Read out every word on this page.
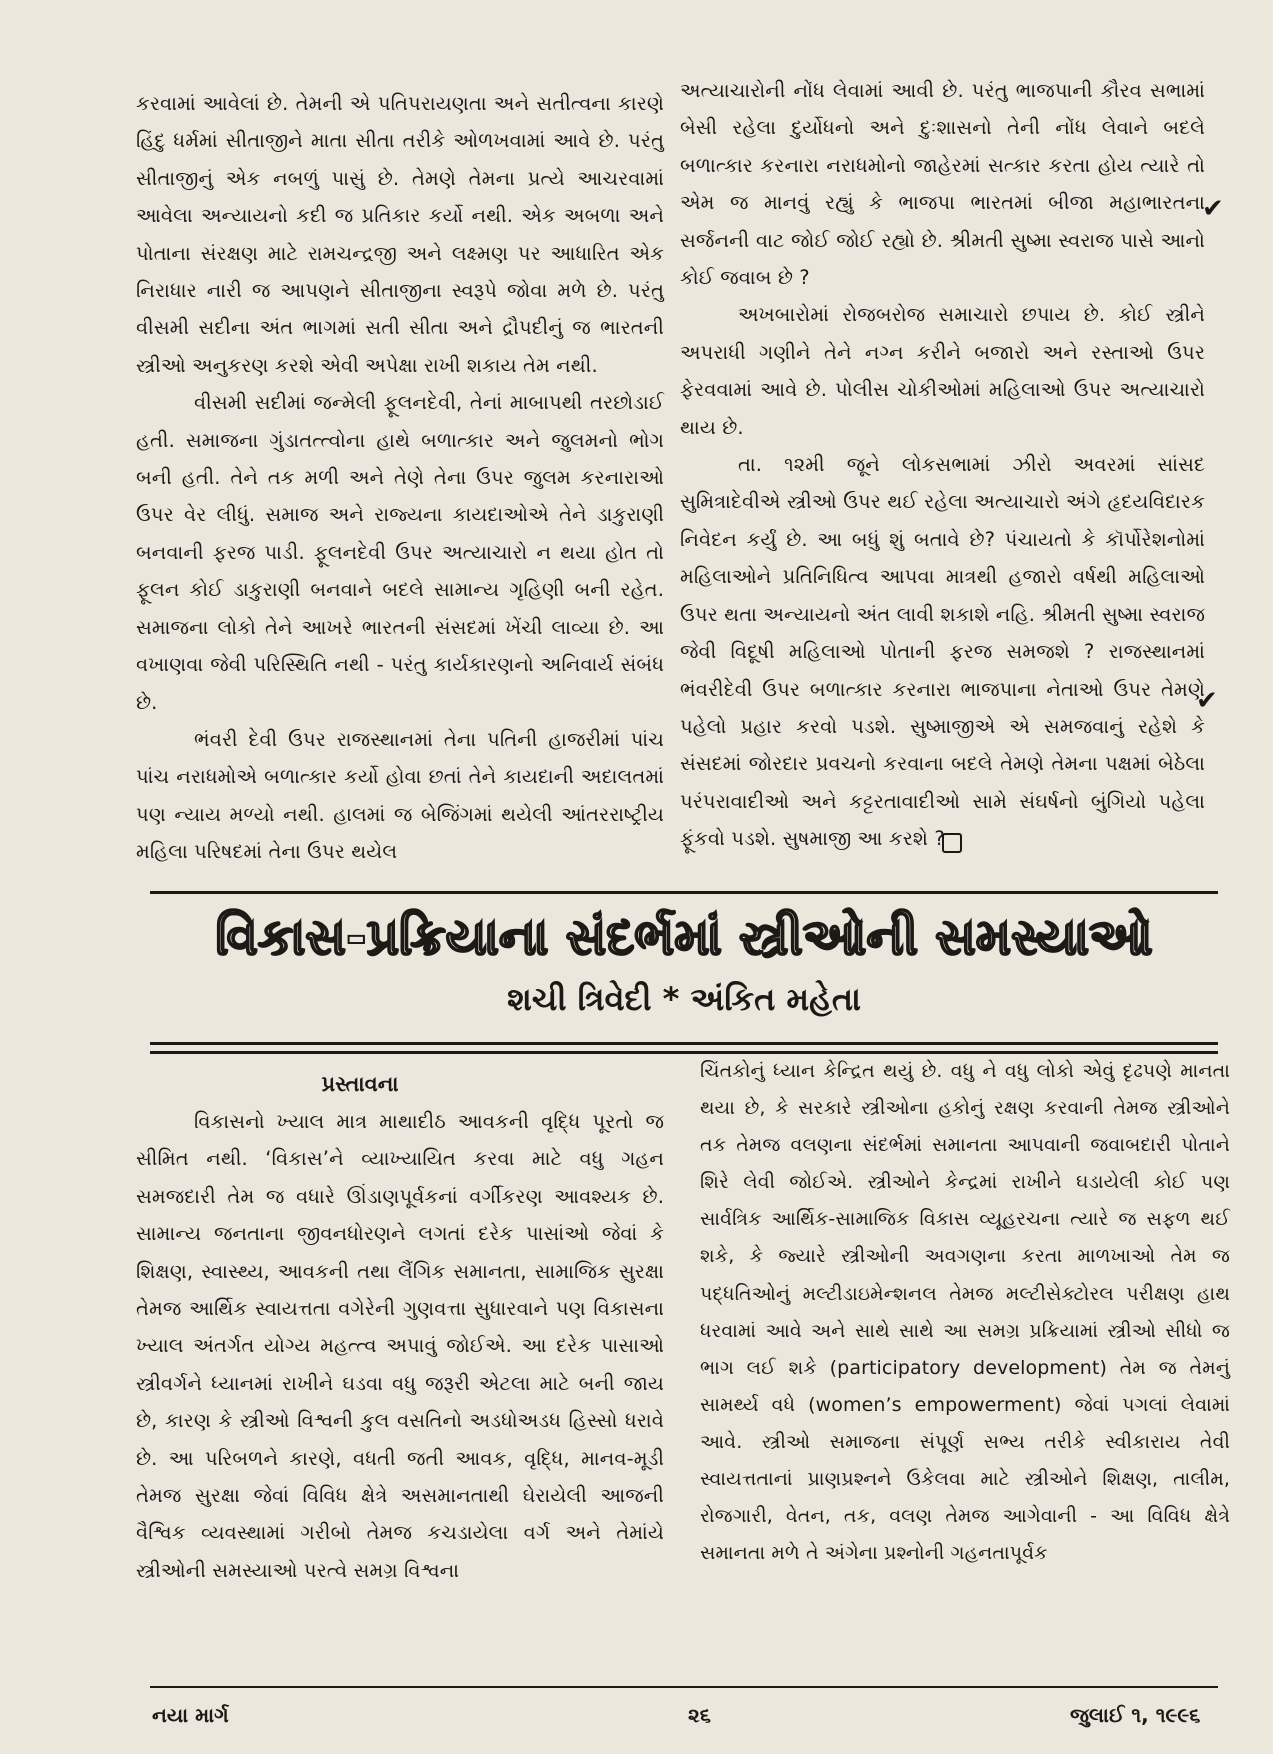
કરવામાં આવેલાં છે. તેમની એ પતિપરાયણતા અને સતીત્વના કારણે હિંદુ ધર્મમાં સીતાજીને માતા સીતા તરીકે ઓળખવામાં આવે છે. પરંતુ સીતાજીનું એક નબળું પાસું છે. તેમણે તેમના પ્રત્યે આચરવામાં આવેલા અન્યાયનો કદી જ પ્રતિકાર કર્યો નથી. એક અબળા અને પોતાના સંરક્ષણ માટે રામચન્દ્રજી અને લક્ષ્મણ પર આધારિત એક નિરાધાર નારી જ આપણને સીતાજીના સ્વરૂપે જોવા મળે છે. પરંતુ વીસમી સદીના અંત ભાગમાં સતી સીતા અને દ્રૌપદીનું જ ભારતની સ્ત્રીઓ અનુકરણ કરશે એવી અપેક્ષા રાખી શકાય તેમ નથી.

વીસમી સદીમાં જન્મેલી ફૂલનદેવી, તેનાં માબાપથી તરછોડાઈ હતી. સમાજના ગુંડાતત્ત્વોના હાથે બળાત્કાર અને જુલમનો ભોગ બની હતી. તેને તક મળી અને તેણે તેના ઉપર જુલમ કરનારાઓ ઉપર વેર લીધું. સમાજ અને રાજ્યના કાયદાઓએ તેને ડાકુરાણી બનવાની ફરજ પાડી. ફૂલનદેવી ઉપર અત્યાચારો ન થયા હોત તો ફૂલન કોઈ ડાકુરાણી બનવાને બદલે સામાન્ય ગૃહિણી બની રહેત. સમાજના લોકો તેને આખરે ભારતની સંસદમાં ખેંચી લાવ્યા છે. આ વખાણવા જેવી પરિસ્થિતિ નથી - પરંતુ કાર્યકારણનો અનિવાર્ય સંબંધ છે.

ભંવરી દેવી ઉપર રાજસ્થાનમાં તેના પતિની હાજરીમાં પાંચ પાંચ નરાધમોએ બળાત્કાર કર્યો હોવા છતાં તેને કાયદાની અદાલતમાં પણ ન્યાય મળ્યો નથી. હાલમાં જ બેજિંગમાં થયેલી આંતરરાષ્ટ્રીય મહિલા પરિષદમાં તેના ઉપર થયેલ

અત્યાચારોની નોંધ લેવામાં આવી છે. પરંતુ ભાજપાની કૌરવ સભામાં બેસી રહેલા દુર્યોધનો અને દુઃશાસનો તેની નોંધ લેવાને બદલે બળાત્કાર કરનારા નરાધમોનો જાહેરમાં સત્કાર કરતા હોય ત્યારે તો એમ જ માનવું રહ્યું કે ભાજપા ભારતમાં બીજા મહાભારતના સર્જનની વાટ જોઈ જોઈ રહ્યો છે. શ્રીમતી સુષ્મા સ્વરાજ પાસે આનો કોઈ જવાબ છે ?

અખબારોમાં રોજબરોજ સમાચારો છપાય છે. કોઈ સ્ત્રીને અપરાધી ગણીને તેને નગ્ન કરીને બજારો અને રસ્તાઓ ઉપર ફેરવવામાં આવે છે. પોલીસ ચોકીઓમાં મહિલાઓ ઉપર અત્યાચારો થાય છે.

તા. ૧૨મી જૂને લોકસભામાં ઝીરો અવરમાં સાંસદ સુમિત્રાદેવીએ સ્ત્રીઓ ઉપર થઈ રહેલા અત્યાચારો અંગે હૃદયવિદારક નિવેદન કર્યું છે. આ બધું શું બતાવે છે? પંચાયતો કે કૉર્પોરેશનોમાં મહિલાઓને પ્રતિનિધિત્વ આપવા માત્રથી હજારો વર્ષથી મહિલાઓ ઉપર થતા અન્યાયનો અંત લાવી શકાશે નહિ. શ્રીમતી સુષ્મા સ્વરાજ જેવી વિદૂષી મહિલાઓ પોતાની ફરજ સમજશે ? રાજસ્થાનમાં ભંવરીદેવી ઉપર બળાત્કાર કરનારા ભાજપાના નેતાઓ ઉપર તેમણે પહેલો પ્રહાર કરવો પડશે. સુષ્માજીએ એ સમજવાનું રહેશે કે સંસદમાં જોરદાર પ્રવચનો કરવાના બદલે તેમણે તેમના પક્ષમાં બેઠેલા પરંપરાવાદીઓ અને કટ્ટરતાવાદીઓ સામે સંઘર્ષનો બુંગિયો પહેલા ફૂંકવો પડશે. સુષમાજી આ કરશે ?

✔
✔
વિકાસ-પ્રક્રિયાના સંદર્ભમાં સ્ત્રીઓની સમસ્યાઓ
શચી ત્રિવેદી * અંકિત મહેતા
પ્રસ્તાવના

વિકાસનો ખ્યાલ માત્ર માથાદીઠ આવકની વૃદ્ધિ પૂરતો જ સીમિત નથી. ‘વિકાસ’ને વ્યાખ્યાયિત કરવા માટે વધુ ગહન સમજદારી તેમ જ વધારે ઊંડાણપૂર્વકનાં વર્ગીકરણ આવશ્યક છે. સામાન્ય જનતાના જીવનધોરણને લગતાં દરેક પાસાંઓ જેવાં કે શિક્ષણ, સ્વાસ્થ્ય, આવકની તથા લૈંગિક સમાનતા, સામાજિક સુરક્ષા તેમજ આર્થિક સ્વાયત્તતા વગેરેની ગુણવત્તા સુધારવાને પણ વિકાસના ખ્યાલ અંતર્ગત યોગ્ય મહત્ત્વ અપાવું જોઈએ. આ દરેક પાસાઓ સ્ત્રીવર્ગને ધ્યાનમાં રાખીને ઘડવા વધુ જરૂરી એટલા માટે બની જાય છે, કારણ કે સ્ત્રીઓ વિશ્વની કુલ વસતિનો અડધોઅડધ હિસ્સો ધરાવે છે. આ પરિબળને કારણે, વધતી જતી આવક, વૃદ્ધિ, માનવ-મૂડી તેમજ સુરક્ષા જેવાં વિવિધ ક્ષેત્રે અસમાનતાથી ઘેરાયેલી આજની વૈશ્વિક વ્યવસ્થામાં ગરીબો તેમજ કચડાયેલા વર્ગ અને તેમાંયે સ્ત્રીઓની સમસ્યાઓ પરત્વે સમગ્ર વિશ્વના

ચિંતકોનું ધ્યાન કેન્દ્રિત થયું છે. વધુ ને વધુ લોકો એવું દૃઢપણે માનતા થયા છે, કે સરકારે સ્ત્રીઓના હકોનું રક્ષણ કરવાની તેમજ સ્ત્રીઓને તક તેમજ વલણના સંદર્ભમાં સમાનતા આપવાની જવાબદારી પોતાને શિરે લેવી જોઈએ. સ્ત્રીઓને કેન્દ્રમાં રાખીને ઘડાયેલી કોઈ પણ સાર્વત્રિક આર્થિક-સામાજિક વિકાસ વ્યૂહરચના ત્યારે જ સફળ થઈ શકે, કે જ્યારે સ્ત્રીઓની અવગણના કરતા માળખાઓ તેમ જ પદ્ધતિઓનું મલ્ટીડાઇમેન્શનલ તેમજ મલ્ટીસેક્ટોરલ પરીક્ષણ હાથ ધરવામાં આવે અને સાથે સાથે આ સમગ્ર પ્રક્રિયામાં સ્ત્રીઓ સીધો જ ભાગ લઈ શકે (participatory development) તેમ જ તેમનું સામર્થ્ય વધે (women’s empowerment) જેવાં પગલાં લેવામાં આવે. સ્ત્રીઓ સમાજના સંપૂર્ણ સભ્ય તરીકે સ્વીકારાય તેવી સ્વાયત્તતાનાં પ્રાણપ્રશ્નને ઉકેલવા માટે સ્ત્રીઓને શિક્ષણ, તાલીમ, રોજગારી, વેતન, તક, વલણ તેમજ આગેવાની - આ વિવિધ ક્ષેત્રે સમાનતા મળે તે અંગેના પ્રશ્નોની ગહનતાપૂર્વક

નયા માર્ગ	૨૬	જુલાઈ ૧, ૧૯૯૬
